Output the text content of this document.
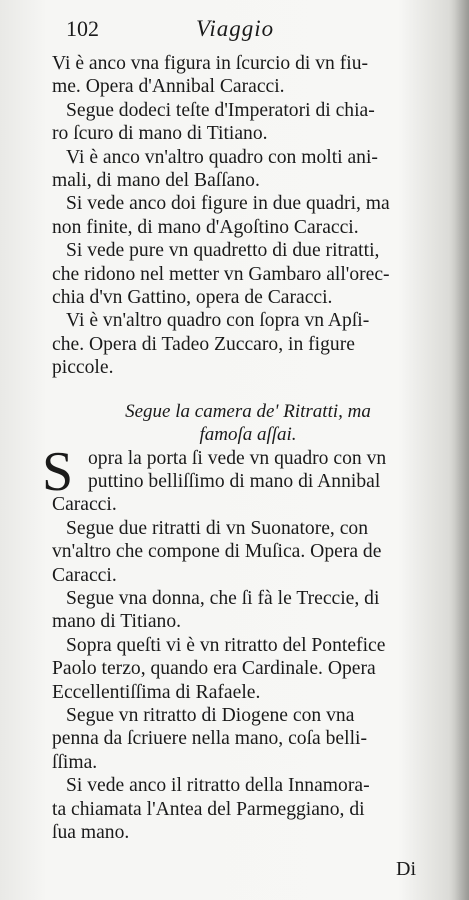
102	Viaggio
Vi è anco vna figura in ſcurcio di vn fiu-
me. Opera d'Annibal Caracci.
Segue dodeci teſte d'Imperatori di chia-
ro ſcuro di mano di Titiano.
Vi è anco vn'altro quadro con molti ani-
mali, di mano del Baſſano.
Si vede anco doi figure in due quadri, ma
non finite, di mano d'Agoſtino Caracci.
Si vede pure vn quadretto di due ritratti,
che ridono nel metter vn Gambaro all'orec-
chia d'vn Gattino, opera de Caracci.
Vi è vn'altro quadro con ſopra vn Apſi-
che. Opera di Tadeo Zuccaro, in figure
piccole.
Segue la camera de' Ritratti, ma
famoſa aſſai.
S opra la porta ſi vede vn quadro con vn
puttino belliſſimo di mano di Annibal
Caracci.
Segue due ritratti di vn Suonatore, con
vn'altro che compone di Muſica. Opera de
Caracci.
Segue vna donna, che ſi fà le Treccie, di
mano di Titiano.
Sopra queſti vi è vn ritratto del Pontefice
Paolo terzo, quando era Cardinale. Opera
Eccellentiſſima di Rafaele.
Segue vn ritratto di Diogene con vna
penna da ſcriuere nella mano, coſa belli-
ſſima.
Si vede anco il ritratto della Innamora-
ta chiamata l'Antea del Parmeggiano, di
ſua mano.
Di
